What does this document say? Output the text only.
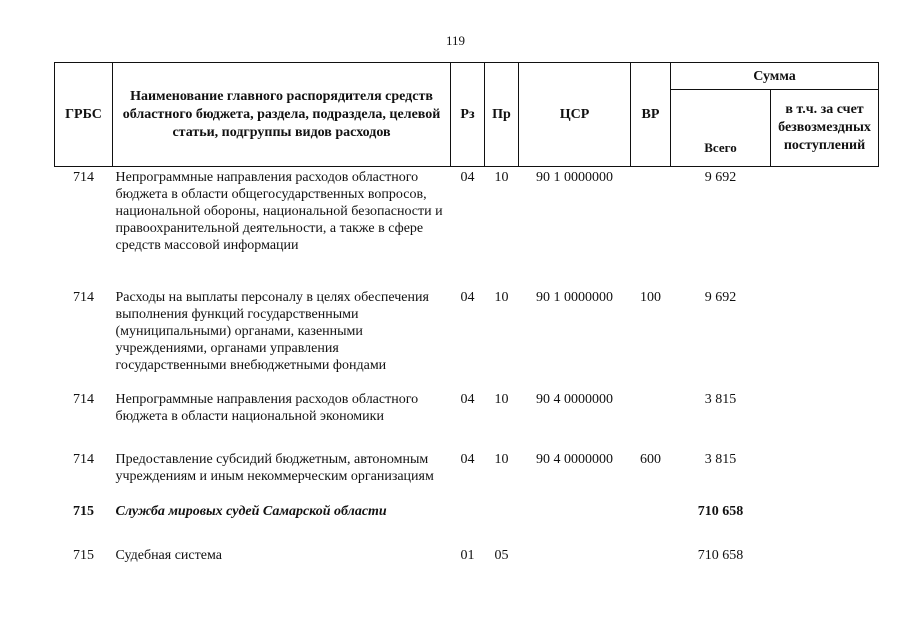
119
ГРБС	Наименование главного распорядителя средств областного бюджета, раздела, подраздела, целевой статьи, подгруппы видов расходов	Рз	Пр	ЦСР	ВР	Сумма	
						Всего	в т.ч. за счет безвозмездных поступлений
714	Непрограммные направления расходов областного бюджета в области общегосударственных вопросов, национальной обороны, национальной безопасности и правоохранительной деятельности, а также в сфере средств массовой информации	04	10	90 1 0000000		9 692	
714	Расходы на выплаты персоналу в целях обеспечения выполнения функций государственными (муниципальными) органами, казенными учреждениями, органами управления государственными внебюджетными фондами	04	10	90 1 0000000	100	9 692	
714	Непрограммные направления расходов областного бюджета в области национальной экономики	04	10	90 4 0000000		3 815	
714	Предоставление субсидий бюджетным, автономным учреждениям и иным некоммерческим организациям	04	10	90 4 0000000	600	3 815	
715	Служба мировых судей Самарской области					710 658	
715	Судебная система	01	05			710 658	
